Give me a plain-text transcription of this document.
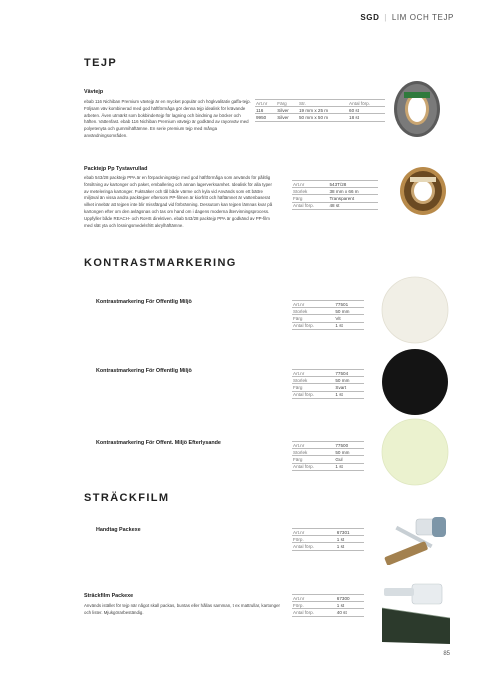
SGD | LIM OCH TEJP
TEJP
Vävtejp
ebab 116 Nichiban Premium vävtejp är en mycket populär och högkvalitativ gaffa-tejp. Följsam väv kombinerad med god häftförmåga gör denna tejp idealisk för krävande arbeten. Även utmärkt som bokbindertejp för lagning och bindning av böcker och häften. Vattenfast. ebab 116 Nichiban Premium vävtejp är godkänd av rayonväv med polyetenyta och gummihäftämne. En serie premium tejp med många användningsområden.
Art.nr	Färg	Str.	Antal förp.
116	Silver	19 mm x 25 m	60 st
9950	Silver	50 mm x 50 m	18 st
Packtejp Pp Tystavrullad
ebab 543/28 packtejp PPA är en förpackningstejp med god häftförmåga som används för pålitlig försiltning av kartonger och paket, emballering och annan lagerverksamhet. Idealisk för alla typer av meteleringa kartonger. Fuktsäker och tål både värme och kyla vid Används som ett bättre miljöval än vissa andra packtejper eftersom PP-filmen är kiorfritt och häftämnet är vattenbaserat vilket innebär att tejpen inte blir missfärgad vid förbränning. Dessutom kan tejpen lämnas kvar på kartongen efter om den avlägsnas och tas om hand om i dagens moderna återvinningsprocess. Uppfyller både REACH- och RoHS direktiven. ebab 543/28 packtejp PPA är godkänd av PP-film med slät yta och lösningsmedelsfritt akrylhäftämne.
Art.nr	543T/28
Storlek	38 mm x 66 m
Färg	Transparent
Antal förp.	48 st
KONTRASTMARKERING
Kontrastmarkering För Offentlig Miljö	Art.nr	77501
Storlek	50 mm
Färg	Vit
Antal förp.	1 st
Kontrastmarkering För Offentlig Miljö	Art.nr	77504
Storlek	50 mm
Färg	Svart
Antal förp.	1 st
Kontrastmarkering För Offent. Miljö Efterlysande	Art.nr	77500
Storlek	50 mm
Färg	Gul
Antal förp.	1 st
STRÄCKFILM
Handtag Packexe	Art.nr	67301
Förp.	1 st
Antal förp.	1 st
Sträckfilm Packexe
Används istället för tejp när något skall packas, buntas eller hållas samman, t ex mattrullar, kartonger och lister. Mjukgörarbeständig.
Art.nr	67300
Förp.	1 st
Antal förp.	40 st
85
